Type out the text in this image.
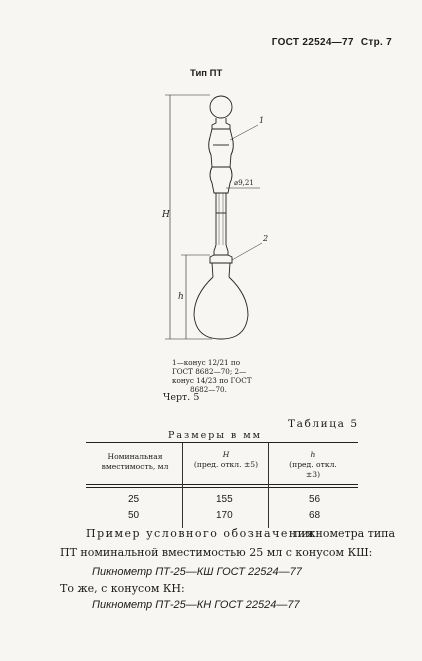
ГОСТ 22524—77 Стр. 7
Тип ПТ
H
h
⌀9,21
1
2
1—конус 12/21 по
ГОСТ 8682—70; 2—
конус 14/23 по ГОСТ
8682—70.
Черт. 5
Таблица 5
Размеры в мм
Номинальная
вместимость, мл
H
(пред. откл. ±5)
h
(пред. откл.
±3)
25	155	56
50	170	68
Пример условного обозначения
пикнометра типа
ПТ номинальной вместимостью 25 мл с конусом КШ:
Пикнометр ПТ-25—КШ ГОСТ 22524—77
То же, с конусом КН:
Пикнометр ПТ-25—КН ГОСТ 22524—77
